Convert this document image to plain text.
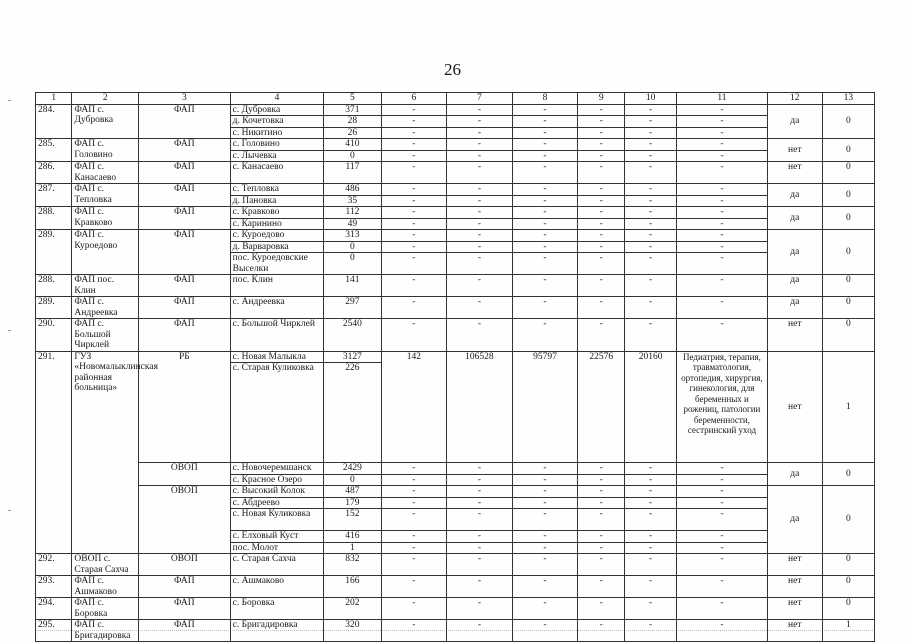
26
1	2	3	4	5	6	7	8	9	10	11	12	13
284.	ФАП с. Дубровка	ФАП	с. Дубровка	371	-	-	-	-	-	-	да	0
			д. Кочетовка	28	-	-	-	-	-	-		
			с. Никитино	26	-	-	-	-	-	-		
285.	ФАП с. Головино	ФАП	с. Головино	410	-	-	-	-	-	-	нет	0
			с. Лычевка	0	-	-	-	-	-	-		
286.	ФАП с. Канасаево	ФАП	с. Канасаево	117	-	-	-	-	-	-	нет	0
287.	ФАП с. Тепловка	ФАП	с. Тепловка	486	-	-	-	-	-	-	да	0
			д. Пановка	35	-	-	-	-	-	-		
288.	ФАП с. Кравково	ФАП	с. Кравково	112	-	-	-	-	-	-	да	0
			с. Каринино	49	-	-	-	-	-	-		
289.	ФАП с. Куроедово	ФАП	с. Куроедово	313	-	-	-	-	-	-	да	0
			д. Варваровка	0	-	-	-	-	-	-		
			пос. Куроедовские Выселки	0	-	-	-	-	-	-		
288.	ФАП пос. Клин	ФАП	пос. Клин	141	-	-	-	-	-	-	да	0
289.	ФАП с. Андреевка	ФАП	с. Андреевка	297	-	-	-	-	-	-	да	0
290.	ФАП с. Большой Чирклей	ФАП	с. Большой Чирклей	2540	-	-	-	-	-	-	нет	0
291.	ГУЗ «Новомалыклинская районная больница»	РБ	с. Новая Малыкла	3127	142	106528	95797	22576	20160	Педиатрия, терапия, травматология, ортопедия, хирургия, гинекология, для беременных и рожениц, патологии беременности, сестринский уход	нет	1
			с. Старая Куликовка	226								
		ОВОП	с. Новочеремшанск	2429	-	-	-	-	-	-	да	0
			с. Красное Озеро	0	-	-	-	-	-	-		
		ОВОП	с. Высокий Колок	487	-	-	-	-	-	-	да	0
			с. Абдреево	179	-	-	-	-	-	-		
			с. Новая Куликовка	152	-	-	-	-	-	-		
			с. Елховый Куст	416	-	-	-	-	-	-		
			пос. Молот	1	-	-	-	-	-	-		
292.	ОВОП с. Старая Сахча	ОВОП	с. Старая Сахча	832	-	-	-	-	-	-	нет	0
293.	ФАП с. Ашмаково	ФАП	с. Ашмаково	166	-	-	-	-	-	-	нет	0
294.	ФАП с. Боровка	ФАП	с. Боровка	202	-	-	-	-	-	-	нет	0
295.	ФАП с. Бригадировка	ФАП	с. Бригадировка	320	-	-	-	-	-	-	нет	1
